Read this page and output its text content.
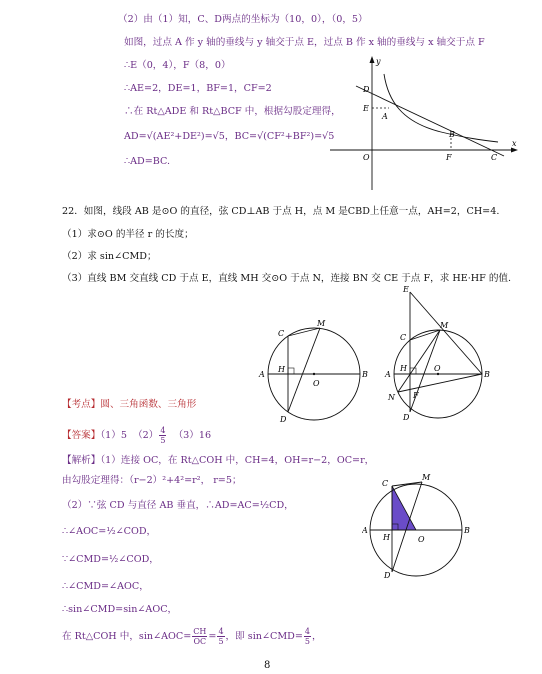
（2）由（1）知，C、D两点的坐标为（10，0），（0，5）
如图，过点 A 作 y 轴的垂线与 y 轴交于点 E，过点 B 作 x 轴的垂线与 x 轴交于点 F
∴E（0，4），F（8，0）
∴AE=2，DE=1，BF=1，CF=2
∴在 Rt△ADE 和 Rt△BCF 中，根据勾股定理得，
AD=√(AE²+DE²)=√5，BC=√(CF²+BF²)=√5
∴AD=BC.
y
x
D
E
A
O
B
F	C
22．如图，线段 AB 是⊙O 的直径，弦 CD⊥AB 于点 H，点 M 是CBD上任意一点，AH=2，CH=4.
（1）求⊙O 的半径 r 的长度；
（2）求 sin∠CMD；
（3）直线 BM 交直线 CD 于点 E，直线 MH 交⊙O 于点 N，连接 BN 交 CE 于点 F，求 HE·HF 的值.
C
M
A
H
O
B
D
E
C
M
A
H	O
B
N F
D
【考点】圆、三角函数、三角形
【答案】（1）5 $(2) \frac{4}{5} (3)16$
【解析】（1）连接 OC，在 Rt△COH 中，CH=4，OH=r−2，OC=r，
由勾股定理得：（r−2）²+4²=r²， r=5；
（2）∵弦 CD 与直径 AB 垂直，∴AD=AC=½CD，
∴∠AOC=½∠COD，
∵∠CMD=½∠COD，
∴∠CMD=∠AOC，
∴sin∠CMD=sin∠AOC，
在 Rt△COH 中，sin∠AOC= $\frac{CH}{OC} = \frac{4}{5}$ ，即 sin∠CMD= $\frac{4}{5}$ ，
C
M
A
H	O
B
D
8
